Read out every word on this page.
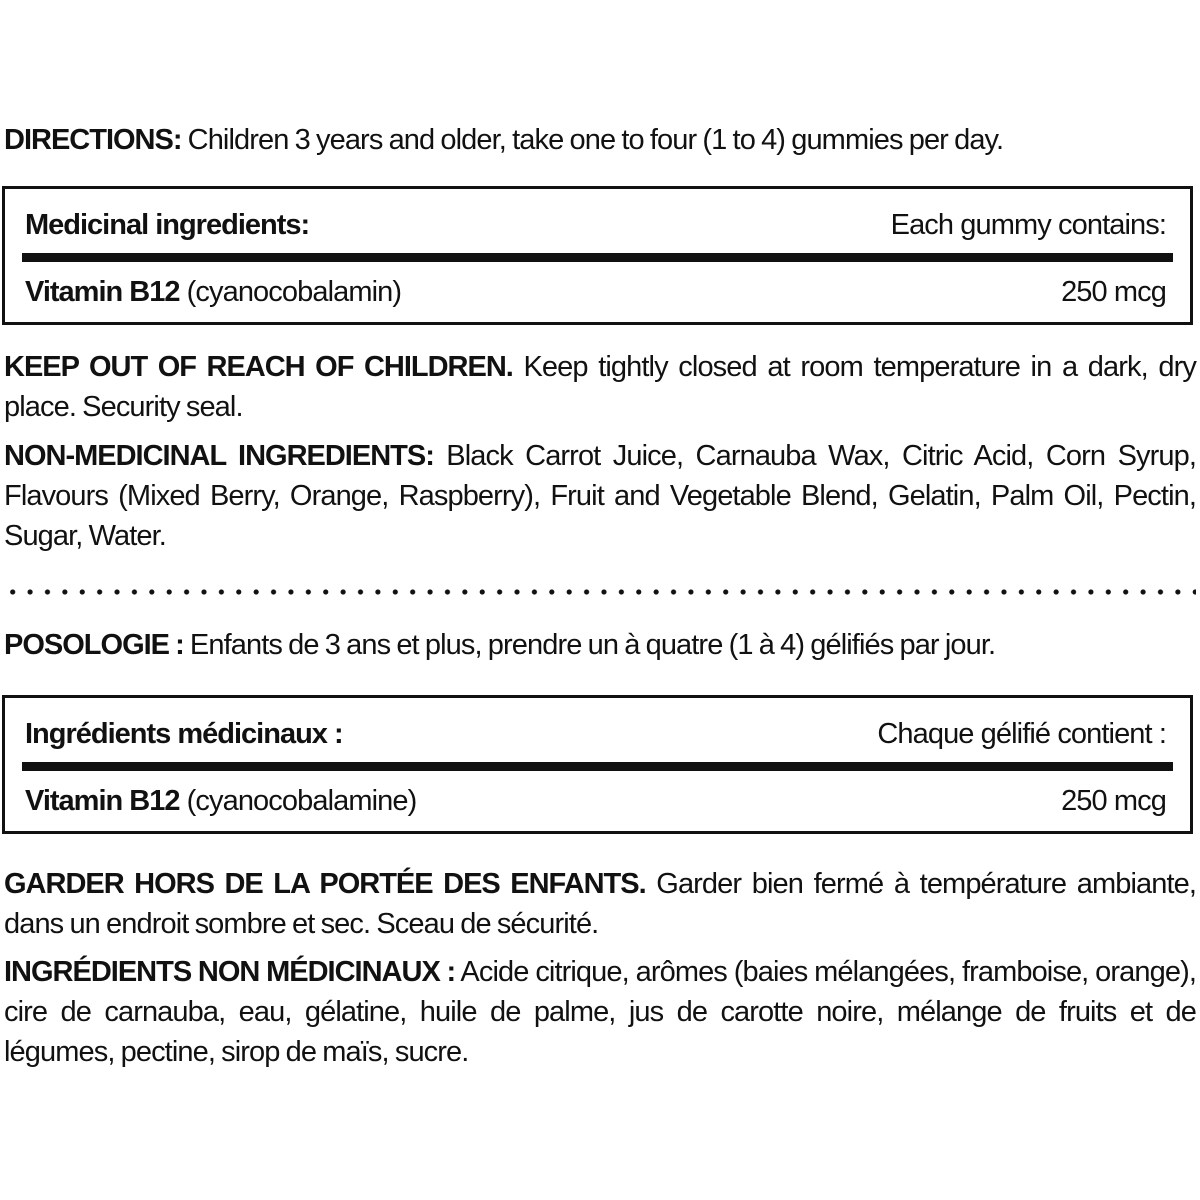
DIRECTIONS: Children 3 years and older, take one to four (1 to 4) gummies per day.
Medicinal ingredients:	Each gummy contains:
Vitamin B12 (cyanocobalamin)	250 mcg
KEEP OUT OF REACH OF CHILDREN. Keep tightly closed at room temperature in a dark, dry place. Security seal.
NON-MEDICINAL INGREDIENTS: Black Carrot Juice, Carnauba Wax, Citric Acid, Corn Syrup, Flavours (Mixed Berry, Orange, Raspberry), Fruit and Vegetable Blend, Gelatin, Palm Oil, Pectin, Sugar, Water.
POSOLOGIE : Enfants de 3 ans et plus, prendre un à quatre (1 à 4) gélifiés par jour.
Ingrédients médicinaux :	Chaque gélifié contient :
Vitamin B12 (cyanocobalamine)	250 mcg
GARDER HORS DE LA PORTÉE DES ENFANTS. Garder bien fermé à température ambiante, dans un endroit sombre et sec. Sceau de sécurité.
INGRÉDIENTS NON MÉDICINAUX : Acide citrique, arômes (baies mélangées, framboise, orange), cire de carnauba, eau, gélatine, huile de palme, jus de carotte noire, mélange de fruits et de légumes, pectine, sirop de maïs, sucre.
